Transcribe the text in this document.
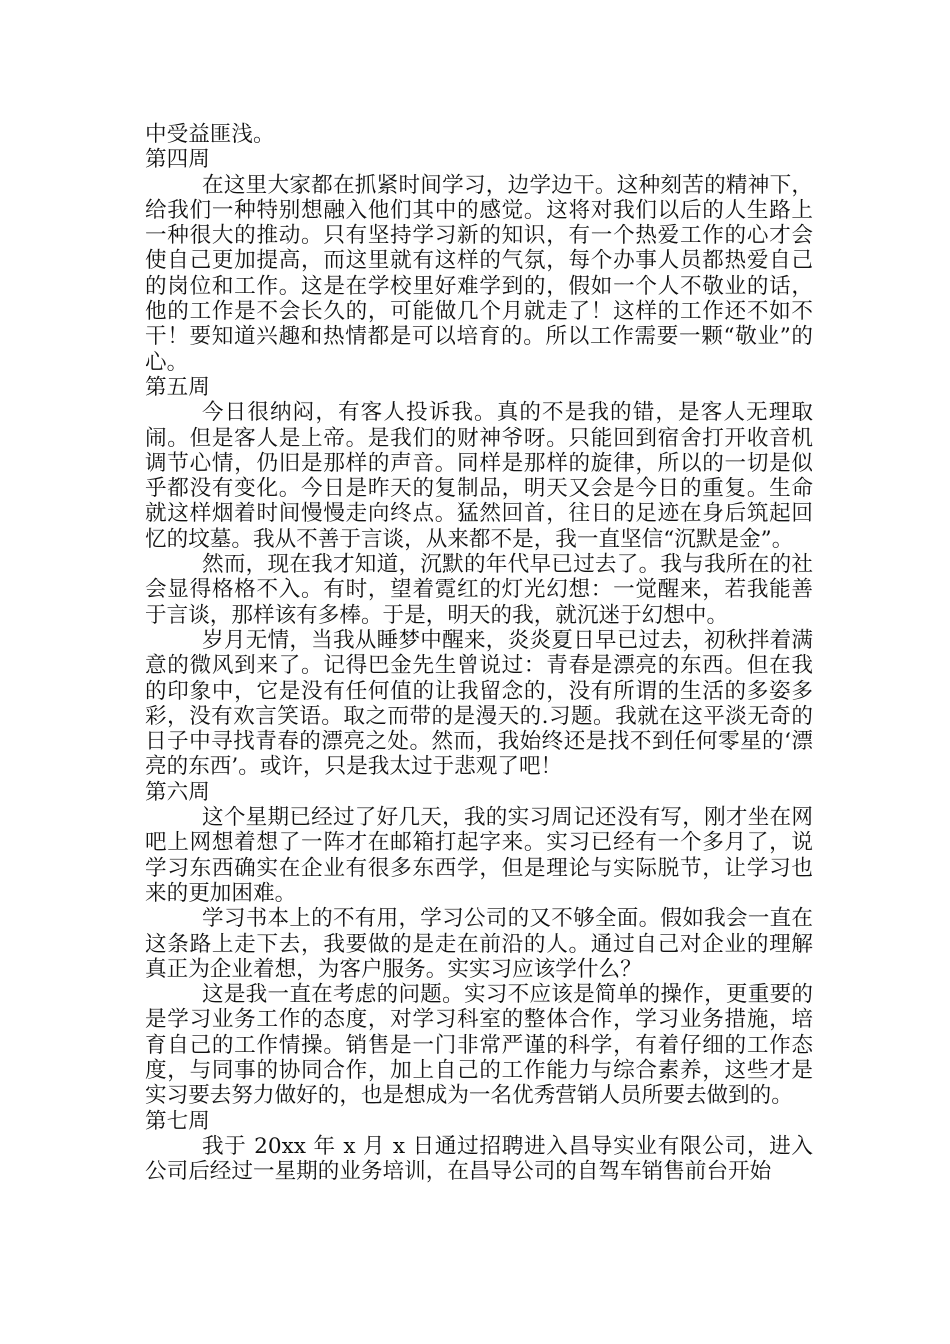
中受益匪浅。

第四周

在这里大家都在抓紧时间学习，边学边干。这种刻苦的精神下，给我们一种特别想融入他们其中的感觉。这将对我们以后的人生路上一种很大的推动。只有坚持学习新的知识，有一个热爱工作的心才会使自己更加提高，而这里就有这样的气氛，每个办事人员都热爱自己的岗位和工作。这是在学校里好难学到的，假如一个人不敬业的话，他的工作是不会长久的，可能做几个月就走了！这样的工作还不如不干！要知道兴趣和热情都是可以培育的。所以工作需要一颗“敬业”的心。

第五周

今日很纳闷，有客人投诉我。真的不是我的错，是客人无理取闹。但是客人是上帝。是我们的财神爷呀。只能回到宿舍打开收音机调节心情，仍旧是那样的声音。同样是那样的旋律，所以的一切是似乎都没有变化。今日是昨天的复制品，明天又会是今日的重复。生命就这样烟着时间慢慢走向终点。猛然回首，往日的足迹在身后筑起回忆的坟墓。我从不善于言谈，从来都不是，我一直坚信“沉默是金”。

然而，现在我才知道，沉默的年代早已过去了。我与我所在的社会显得格格不入。有时，望着霓红的灯光幻想：一觉醒来，若我能善于言谈，那样该有多棒。于是，明天的我，就沉迷于幻想中。

岁月无情，当我从睡梦中醒来，炎炎夏日早已过去，初秋拌着满意的微风到来了。记得巴金先生曾说过：青春是漂亮的东西。但在我的印象中，它是没有任何值的让我留念的，没有所谓的生活的多姿多彩，没有欢言笑语。取之而带的是漫天的.习题。我就在这平淡无奇的日子中寻找青春的漂亮之处。然而，我始终还是找不到任何零星的‘漂亮的东西’。或许，只是我太过于悲观了吧！

第六周

这个星期已经过了好几天，我的实习周记还没有写，刚才坐在网吧上网想着想了一阵才在邮箱打起字来。实习已经有一个多月了，说学习东西确实在企业有很多东西学，但是理论与实际脱节，让学习也来的更加困难。

学习书本上的不有用，学习公司的又不够全面。假如我会一直在这条路上走下去，我要做的是走在前沿的人。通过自己对企业的理解真正为企业着想，为客户服务。实实习应该学什么？

这是我一直在考虑的问题。实习不应该是简单的操作，更重要的是学习业务工作的态度，对学习科室的整体合作，学习业务措施，培育自己的工作情操。销售是一门非常严谨的科学，有着仔细的工作态度，与同事的协同合作，加上自己的工作能力与综合素养，这些才是实习要去努力做好的，也是想成为一名优秀营销人员所要去做到的。

第七周

我于 20xx 年 x 月 x 日通过招聘进入昌导实业有限公司，进入公司后经过一星期的业务培训，在昌导公司的自驾车销售前台开始
